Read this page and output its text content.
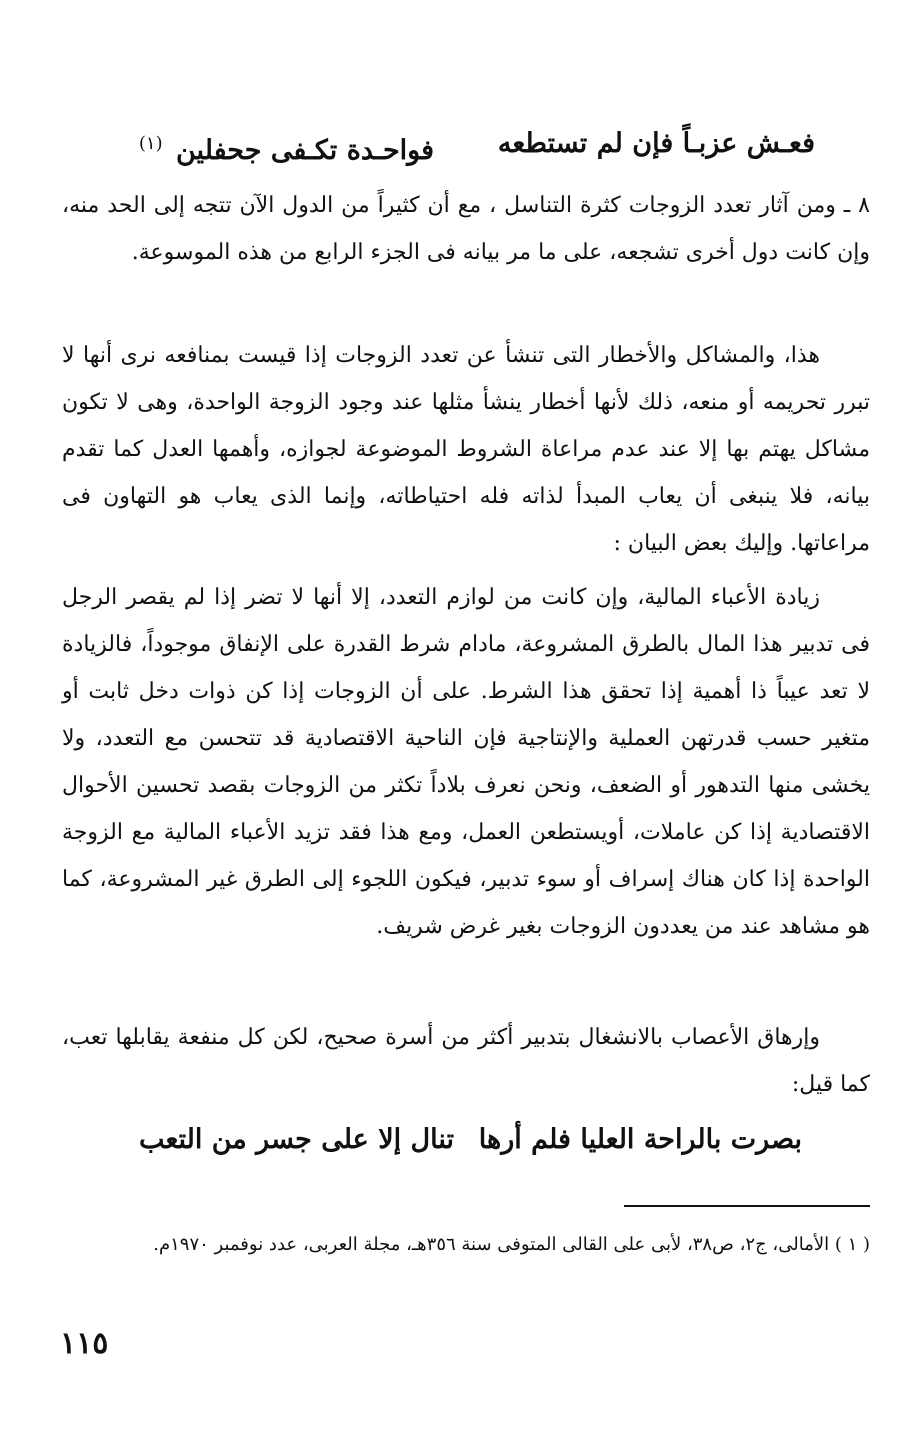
فعـش عزبـاً فإن لم تستطعه
فواحـدة تكـفى جحفلين $^{(١)}$

٨ ـ ومن آثار تعدد الزوجات كثرة التناسل ، مع أن كثيراً من الدول الآن تتجه إلى الحد منه، وإن كانت دول أخرى تشجعه، على ما مر بيانه فى الجزء الرابع من هذه الموسوعة.

هذا، والمشاكل والأخطار التى تنشأ عن تعدد الزوجات إذا قيست بمنافعه نرى أنها لا تبرر تحريمه أو منعه، ذلك لأنها أخطار ينشأ مثلها عند وجود الزوجة الواحدة، وهى لا تكون مشاكل يهتم بها إلا عند عدم مراعاة الشروط الموضوعة لجوازه، وأهمها العدل كما تقدم بيانه، فلا ينبغى أن يعاب المبدأ لذاته فله احتياطاته، وإنما الذى يعاب هو التهاون فى مراعاتها. وإليك بعض البيان :

زيادة الأعباء المالية، وإن كانت من لوازم التعدد، إلا أنها لا تضر إذا لم يقصر الرجل فى تدبير هذا المال بالطرق المشروعة، مادام شرط القدرة على الإنفاق موجوداً، فالزيادة لا تعد عيباً ذا أهمية إذا تحقق هذا الشرط. على أن الزوجات إذا كن ذوات دخل ثابت أو متغير حسب قدرتهن العملية والإنتاجية فإن الناحية الاقتصادية قد تتحسن مع التعدد، ولا يخشى منها التدهور أو الضعف، ونحن نعرف بلاداً تكثر من الزوجات بقصد تحسين الأحوال الاقتصادية إذا كن عاملات، أويستطعن العمل، ومع هذا فقد تزيد الأعباء المالية مع الزوجة الواحدة إذا كان هناك إسراف أو سوء تدبير، فيكون اللجوء إلى الطرق غير المشروعة، كما هو مشاهد عند من يعددون الزوجات بغير غرض شريف.

وإرهاق الأعصاب بالانشغال بتدبير أكثر من أسرة صحيح، لكن كل منفعة يقابلها تعب، كما قيل:

بصرت بالراحة العليا فلم أرها
تنال إلا على جسر من التعب
( ١ ) الأمالى، ج٢، ص٣٨، لأبى على القالى المتوفى سنة ٣٥٦هـ، مجلة العربى، عدد نوفمبر ١٩٧٠م.
١١٥
